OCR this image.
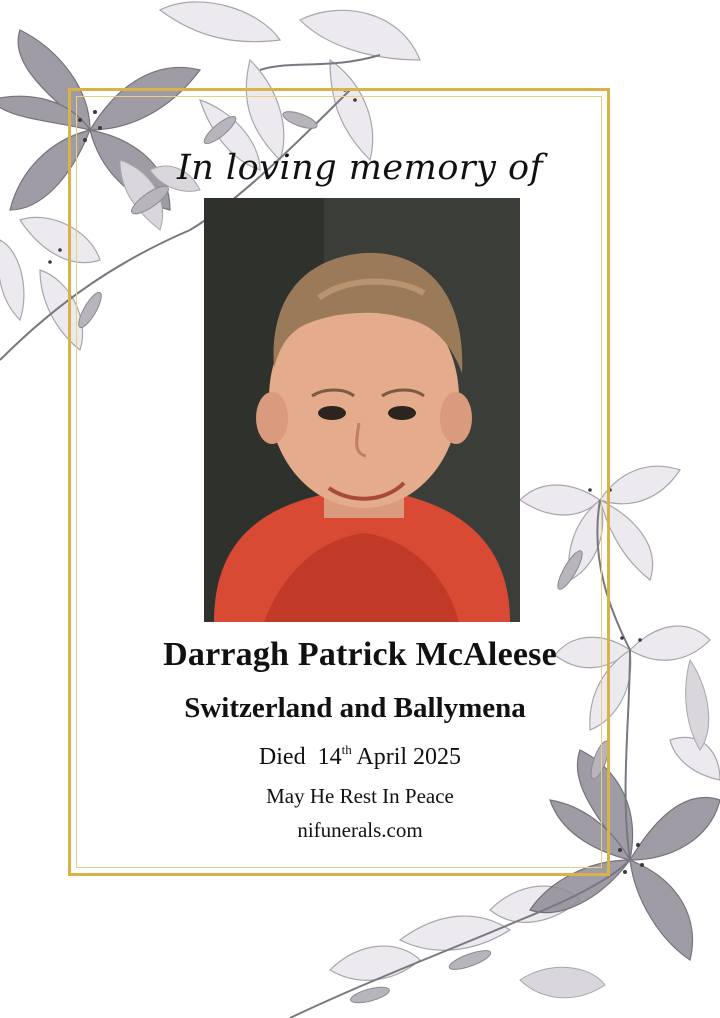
In loving memory of
Darragh Patrick McAleese
Switzerland and Ballymena
Died 14th April 2025
May He Rest In Peace
nifunerals.com
